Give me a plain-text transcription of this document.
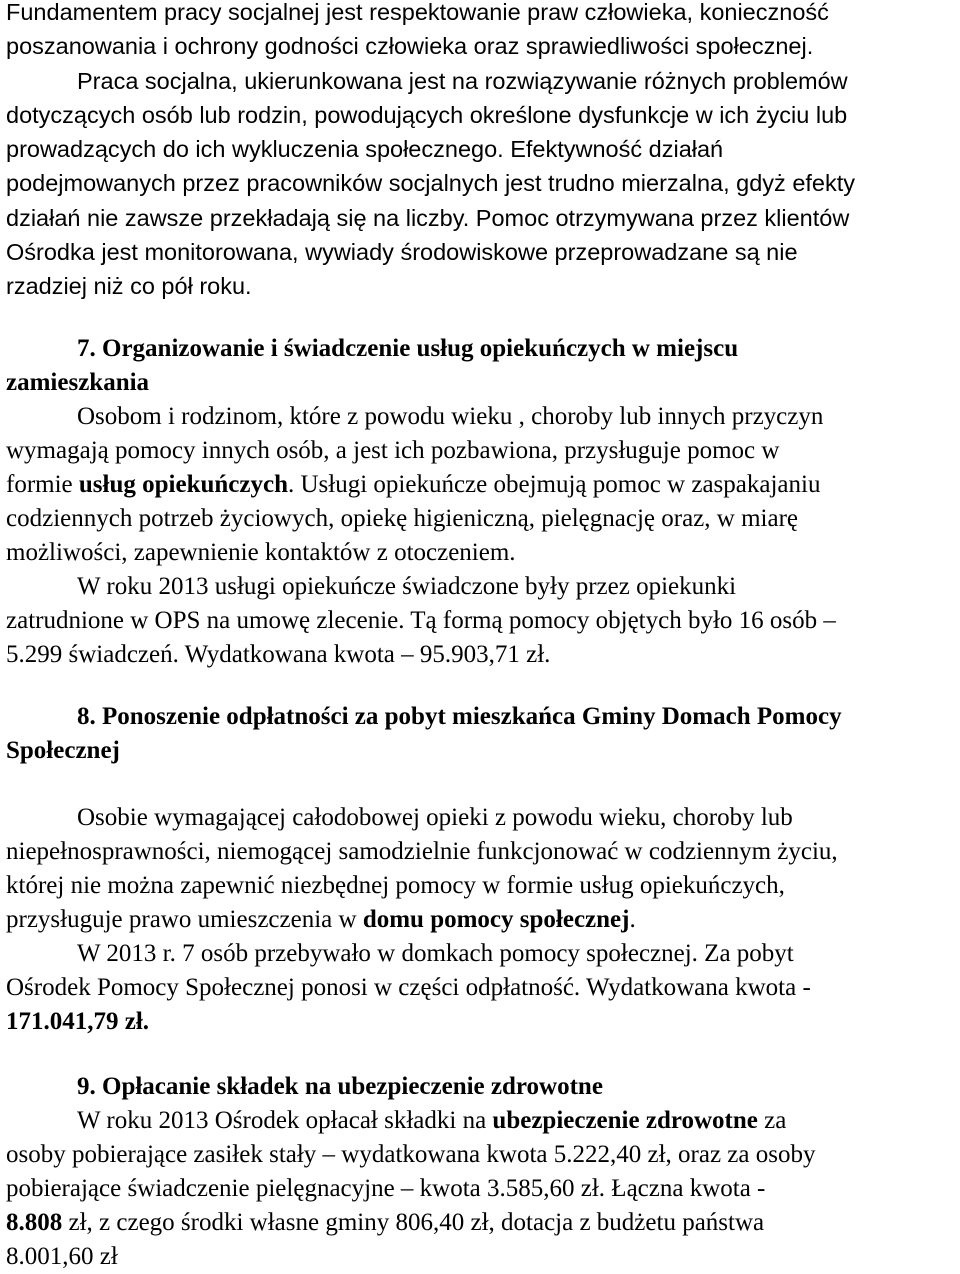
Fundamentem pracy socjalnej jest respektowanie praw człowieka, konieczność
poszanowania i ochrony godności człowieka oraz sprawiedliwości społecznej.
Praca socjalna, ukierunkowana jest na rozwiązywanie różnych problemów
dotyczących osób lub rodzin, powodujących określone dysfunkcje w ich życiu lub
prowadzących do ich wykluczenia społecznego. Efektywność działań
podejmowanych przez pracowników socjalnych jest trudno mierzalna, gdyż efekty
działań nie zawsze przekładają się na liczby. Pomoc otrzymywana przez klientów
Ośrodka jest monitorowana, wywiady środowiskowe przeprowadzane są nie
rzadziej niż co pół roku.
7. Organizowanie i świadczenie usług opiekuńczych w miejscu
zamieszkania
Osobom i rodzinom, które z powodu wieku , choroby lub innych przyczyn
wymagają pomocy innych osób, a jest ich pozbawiona, przysługuje pomoc w
formie usług opiekuńczych. Usługi opiekuńcze obejmują pomoc w zaspakajaniu
codziennych potrzeb życiowych, opiekę higieniczną, pielęgnację oraz, w miarę
możliwości, zapewnienie kontaktów z otoczeniem.
W roku 2013 usługi opiekuńcze świadczone były przez opiekunki
zatrudnione w OPS na umowę zlecenie. Tą formą pomocy objętych było 16 osób –
5.299 świadczeń. Wydatkowana kwota – 95.903,71 zł.
8. Ponoszenie odpłatności za pobyt mieszkańca Gminy Domach Pomocy
Społecznej
Osobie wymagającej całodobowej opieki z powodu wieku, choroby lub
niepełnosprawności, niemogącej samodzielnie funkcjonować w codziennym życiu,
której nie można zapewnić niezbędnej pomocy w formie usług opiekuńczych,
przysługuje prawo umieszczenia w domu pomocy społecznej.
W 2013 r. 7 osób przebywało w domkach pomocy społecznej. Za pobyt
Ośrodek Pomocy Społecznej ponosi w części odpłatność. Wydatkowana kwota -
171.041,79 zł.
9. Opłacanie składek na ubezpieczenie zdrowotne
W roku 2013 Ośrodek opłacał składki na ubezpieczenie zdrowotne za
osoby pobierające zasiłek stały – wydatkowana kwota 5.222,40 zł, oraz za osoby
pobierające świadczenie pielęgnacyjne – kwota 3.585,60 zł. Łączna kwota -
8.808 zł, z czego środki własne gminy 806,40 zł, dotacja z budżetu państwa
8.001,60 zł
